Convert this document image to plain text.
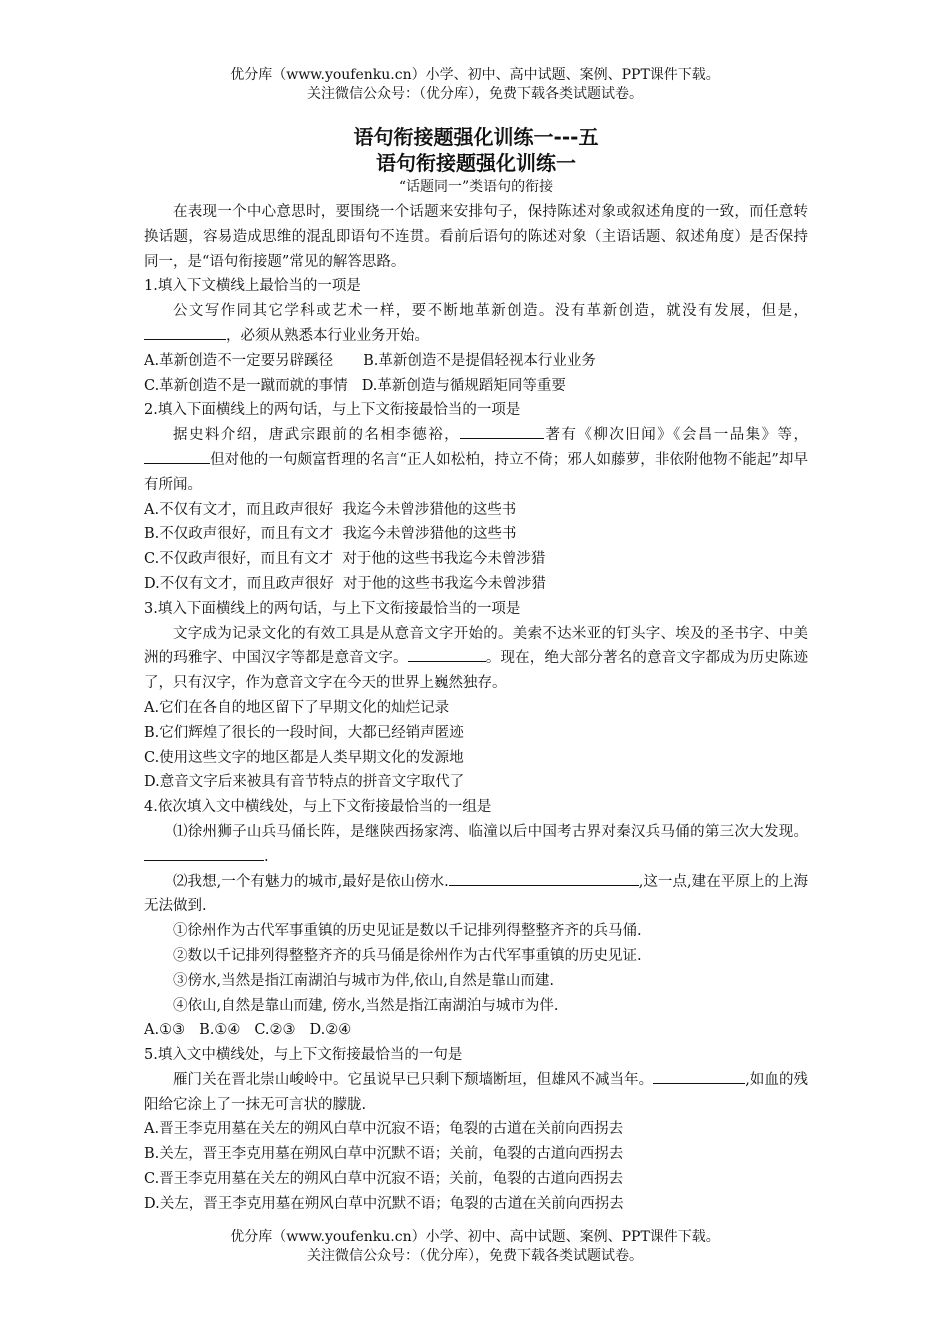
优分库（www.youfenku.cn）小学、初中、高中试题、案例、PPT课件下载。
关注微信公众号：（优分库），免费下载各类试题试卷。
语句衔接题强化训练一---五
语句衔接题强化训练一
“话题同一”类语句的衔接
在表现一个中心意思时，要围绕一个话题来安排句子，保持陈述对象或叙述角度的一致，而任意转换话题，容易造成思维的混乱即语句不连贯。看前后语句的陈述对象（主语话题、叙述角度）是否保持同一，是“语句衔接题”常见的解答思路。
1.填入下文横线上最恰当的一项是
公文写作同其它学科或艺术一样，要不断地革新创造。没有革新创造，就没有发展，但是，，必须从熟悉本行业业务开始。
A.革新创造不一定要另辟蹊径 B.革新创造不是提倡轻视本行业业务
C.革新创造不是一蹴而就的事情 D.革新创造与循规蹈矩同等重要
2.填入下面横线上的两句话，与上下文衔接最恰当的一项是
据史料介绍，唐武宗跟前的名相李德裕，	著有《柳次旧闻》《会昌一品集》等，但对他的一句颇富哲理的名言“正人如松柏，持立不倚；邪人如藤萝，非依附他物不能起”却早有所闻。
A.不仅有文才，而且政声很好  我迄今未曾涉猎他的这些书
B.不仅政声很好，而且有文才  我迄今未曾涉猎他的这些书
C.不仅政声很好，而且有文才  对于他的这些书我迄今未曾涉猎
D.不仅有文才，而且政声很好  对于他的这些书我迄今未曾涉猎
3.填入下面横线上的两句话，与上下文衔接最恰当的一项是
文字成为记录文化的有效工具是从意音文字开始的。美索不达米亚的钉头字、埃及的圣书字、中美洲的玛雅字、中国汉字等都是意音文字。	。现在，绝大部分著名的意音文字都成为历史陈迹了，只有汉字，作为意音文字在今天的世界上巍然独存。
A.它们在各自的地区留下了早期文化的灿烂记录
B.它们辉煌了很长的一段时间，大都已经销声匿迹
C.使用这些文字的地区都是人类早期文化的发源地
D.意音文字后来被具有音节特点的拼音文字取代了
4.依次填入文中横线处，与上下文衔接最恰当的一组是
⑴徐州狮子山兵马俑长阵，是继陕西扬家湾、临潼以后中国考古界对秦汉兵马俑的第三次大发现。.
⑵我想,一个有魅力的城市,最好是依山傍水.	,这一点,建在平原上的上海无法做到.
①徐州作为古代军事重镇的历史见证是数以千记排列得整整齐齐的兵马俑.
②数以千记排列得整整齐齐的兵马俑是徐州作为古代军事重镇的历史见证.
③傍水,当然是指江南湖泊与城市为伴,依山,自然是靠山而建.
④依山,自然是靠山而建, 傍水,当然是指江南湖泊与城市为伴.
A.①③ B.①④ C.②③ D.②④
5.填入文中横线处，与上下文衔接最恰当的一句是
雁门关在晋北崇山峻岭中。它虽说早已只剩下颓墙断垣，但雄风不减当年。	,如血的残阳给它涂上了一抹无可言状的朦胧.
A.晋王李克用墓在关左的朔风白草中沉寂不语；龟裂的古道在关前向西拐去
B.关左，晋王李克用墓在朔风白草中沉默不语；关前，龟裂的古道向西拐去
C.晋王李克用墓在关左的朔风白草中沉寂不语；关前，龟裂的古道向西拐去
D.关左，晋王李克用墓在朔风白草中沉默不语；龟裂的古道在关前向西拐去
优分库（www.youfenku.cn）小学、初中、高中试题、案例、PPT课件下载。
关注微信公众号：（优分库），免费下载各类试题试卷。
